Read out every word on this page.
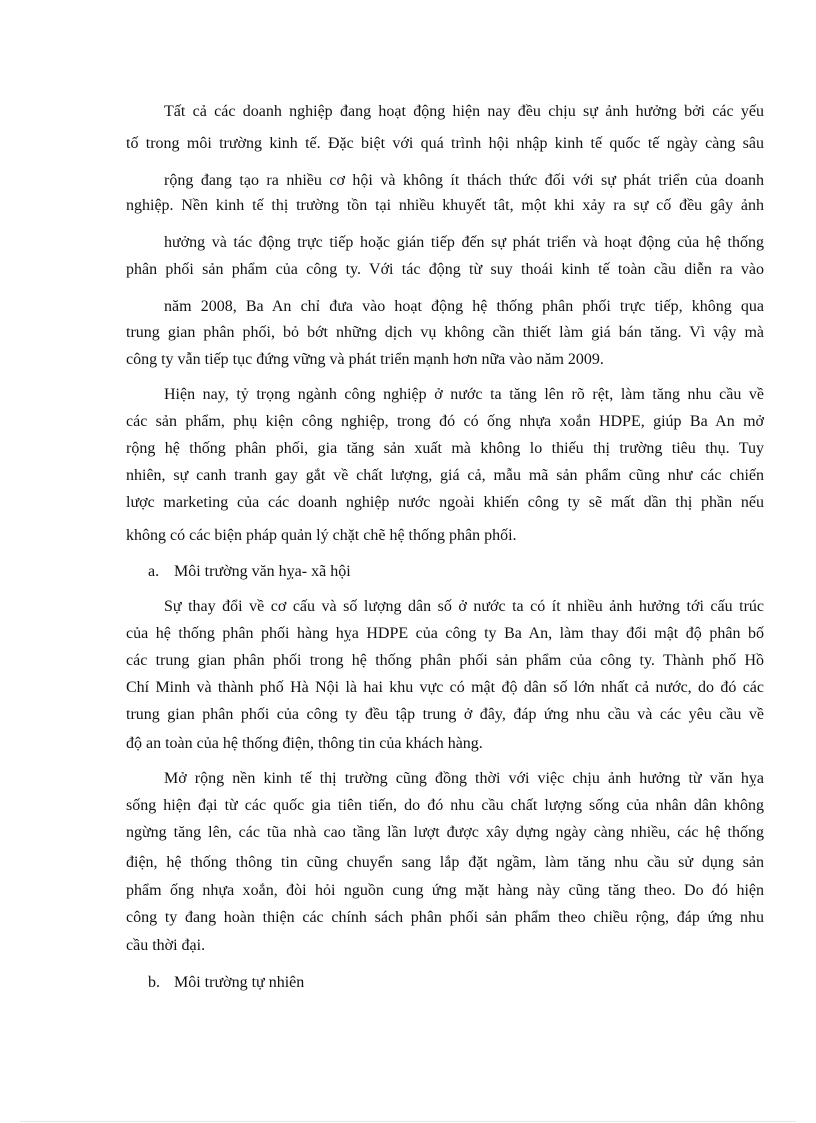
Tất cả các doanh nghiệp đang hoạt động hiện nay đều chịu sự ảnh hưởng bởi các yếu
tố trong môi trường kinh tế. Đặc biệt với quá trình hội nhập kinh tế quốc tế ngày càng sâu
rộng đang tạo ra nhiều cơ hội và không ít thách thức đối với sự phát triển của doanh
nghiệp. Nền kinh tế thị trường tồn tại nhiều khuyết tât, một khi xảy ra sự cố đều gây ảnh
hưởng và tác động trực tiếp hoặc gián tiếp đến sự phát triển và hoạt động của hệ thống
phân phối sản phẩm của công ty. Với tác động từ suy thoái kinh tế toàn cầu diễn ra vào
năm 2008, Ba An chỉ đưa vào hoạt động hệ thống phân phối trực tiếp, không qua
trung gian phân phối, bỏ bớt những dịch vụ không cần thiết làm giá bán tăng. Vì vậy mà
công ty vẫn tiếp tục đứng vững và phát triển mạnh hơn nữa vào năm 2009.
Hiện nay, tỷ trọng ngành công nghiệp ở nước ta tăng lên rõ rệt, làm tăng nhu cầu về
các sản phẩm, phụ kiện công nghiệp, trong đó có ống nhựa xoắn HDPE, giúp Ba An mở
rộng hệ thống phân phối, gia tăng sản xuất mà không lo thiếu thị trường tiêu thụ. Tuy
nhiên, sự canh tranh gay gắt về chất lượng, giá cả, mẫu mã sản phẩm cũng như các chiến
lược marketing của các doanh nghiệp nước ngoài khiến công ty sẽ mất dần thị phần nếu
không có các biện pháp quản lý chặt chẽ hệ thống phân phối.
a. Môi trường văn hỵa- xã hội
Sự thay đổi về cơ cấu và số lượng dân số ở nước ta có ít nhiều ảnh hưởng tới cấu trúc
của hệ thống phân phối hàng hỵa HDPE của công ty Ba An, làm thay đổi mật độ phân bố
các trung gian phân phối trong hệ thống phân phối sản phẩm của công ty. Thành phố Hồ
Chí Minh và thành phố Hà Nội là hai khu vực có mật độ dân số lớn nhất cả nước, do đó các
trung gian phân phối của công ty đều tập trung ở đây, đáp ứng nhu cầu và các yêu cầu về
độ an toàn của hệ thống điện, thông tin của khách hàng.
Mở rộng nền kinh tế thị trường cũng đồng thời với việc chịu ảnh hưởng từ văn hỵa
sống hiện đại từ các quốc gia tiên tiến, do đó nhu cầu chất lượng sống của nhân dân không
ngừng tăng lên, các tũa nhà cao tầng lần lượt được xây dựng ngày càng nhiều, các hệ thống
điện, hệ thống thông tin cũng chuyển sang lắp đặt ngầm, làm tăng nhu cầu sử dụng sản
phẩm ống nhựa xoắn, đòi hỏi nguồn cung ứng mặt hàng này cũng tăng theo. Do đó hiện
công ty đang hoàn thiện các chính sách phân phối sản phẩm theo chiều rộng, đáp ứng nhu
cầu thời đại.
b. Môi trường tự nhiên
